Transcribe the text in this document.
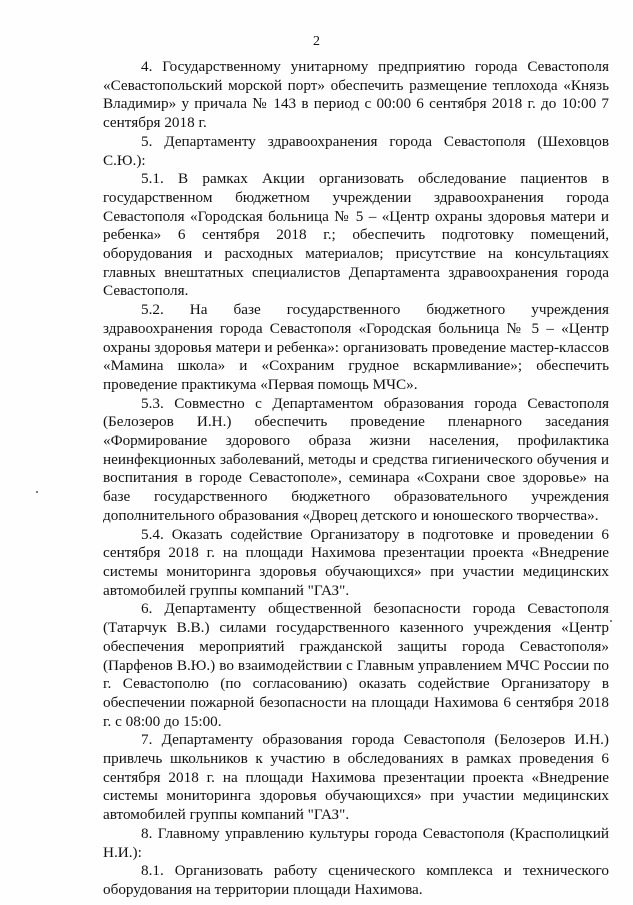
2

4. Государственному унитарному предприятию города Севастополя «Севастопольский морской порт» обеспечить размещение теплохода «Князь Владимир» у причала № 143 в период с 00:00 6 сентября 2018 г. до 10:00 7 сентября 2018 г.

5. Департаменту здравоохранения города Севастополя (Шеховцов С.Ю.):

5.1. В рамках Акции организовать обследование пациентов в государственном бюджетном учреждении здравоохранения города Севастополя «Городская больница № 5 – «Центр охраны здоровья матери и ребенка» 6 сентября 2018 г.; обеспечить подготовку помещений, оборудования и расходных материалов; присутствие на консультациях главных внештатных специалистов Департамента здравоохранения города Севастополя.

5.2. На базе государственного бюджетного учреждения здравоохранения города Севастополя «Городская больница № 5 – «Центр охраны здоровья матери и ребенка»: организовать проведение мастер-классов «Мамина школа» и «Сохраним грудное вскармливание»; обеспечить проведение практикума «Первая помощь МЧС».

5.3. Совместно с Департаментом образования города Севастополя (Белозеров И.Н.) обеспечить проведение пленарного заседания «Формирование здорового образа жизни населения, профилактика неинфекционных заболеваний, методы и средства гигиенического обучения и воспитания в городе Севастополе», семинара «Сохрани свое здоровье» на базе государственного бюджетного образовательного учреждения дополнительного образования «Дворец детского и юношеского творчества».

5.4. Оказать содействие Организатору в подготовке и проведении 6 сентября 2018 г. на площади Нахимова презентации проекта «Внедрение системы мониторинга здоровья обучающихся» при участии медицинских автомобилей группы компаний "ГАЗ".

6. Департаменту общественной безопасности города Севастополя (Татарчук В.В.) силами государственного казенного учреждения «Центр обеспечения мероприятий гражданской защиты города Севастополя» (Парфенов В.Ю.) во взаимодействии с Главным управлением МЧС России по г. Севастополю (по согласованию) оказать содействие Организатору в обеспечении пожарной безопасности на площади Нахимова 6 сентября 2018 г. с 08:00 до 15:00.

7. Департаменту образования города Севастополя (Белозеров И.Н.) привлечь школьников к участию в обследованиях в рамках проведения 6 сентября 2018 г. на площади Нахимова презентации проекта «Внедрение системы мониторинга здоровья обучающихся» при участии медицинских автомобилей группы компаний "ГАЗ".

8. Главному управлению культуры города Севастополя (Красполицкий Н.И.):

8.1. Организовать работу сценического комплекса и технического оборудования на территории площади Нахимова.
